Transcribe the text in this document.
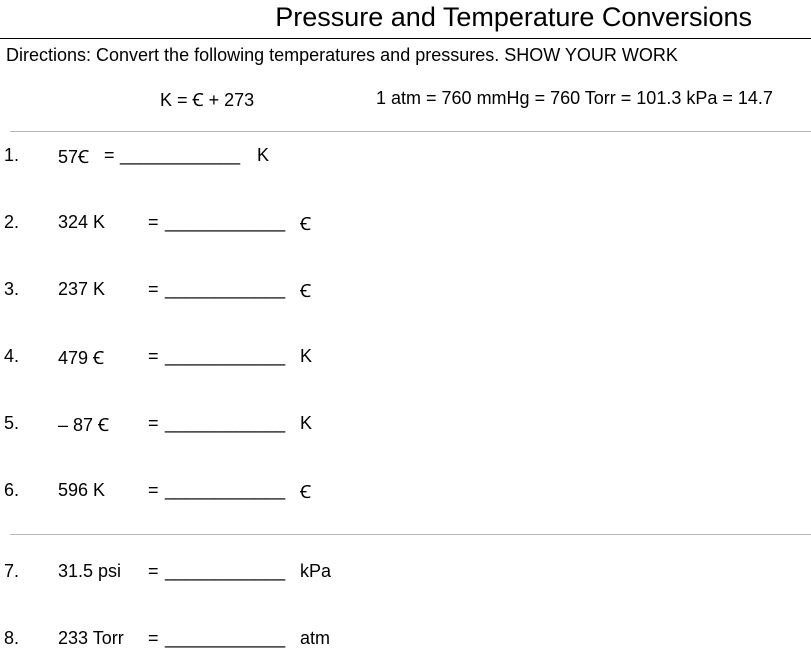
Pressure and Temperature Conversions
Directions: Convert the following temperatures and pressures. SHOW YOUR WORK
K = Ꞓ + 273	1 atm = 760 mmHg = 760 Torr = 101.3 kPa = 14.7
1. 57Ꞓ = ____________ K
2. 324 K = ____________ Ꞓ
3. 237 K = ____________ Ꞓ
4. 479 Ꞓ = ____________ K
5. – 87 Ꞓ = ____________ K
6. 596 K = ____________ Ꞓ
7. 31.5 psi = ____________ kPa
8. 233 Torr = ____________ atm
